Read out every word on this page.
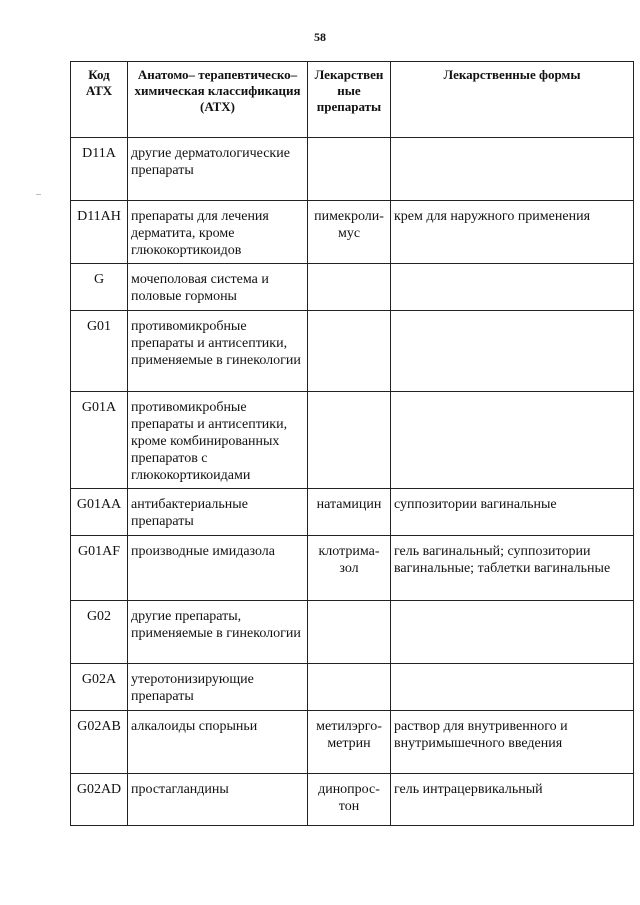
58
Код АТХ	Анатомо– терапевтическо– химическая классификация (АТХ)	Лекарствен ные препараты	Лекарственные формы
D11A	другие дерматологические препараты		
D11AH	препараты для лечения дерматита, кроме глюкокортикоидов	пимекроли- мус	крем для наружного применения
G	мочеполовая система и половые гормоны		
G01	противомикробные препараты и антисептики, применяемые в гинекологии		
G01A	противомикробные препараты и антисептики, кроме комбинированных препаратов с глюкокортикоидами		
G01AA	антибактериальные препараты	натамицин	суппозитории вагинальные
G01AF	производные имидазола	клотрима- зол	гель вагинальный; суппозитории вагинальные; таблетки вагинальные
G02	другие препараты, применяемые в гинекологии		
G02A	утеротонизирующие препараты		
G02AB	алкалоиды спорыньи	метилэрго- метрин	раствор для внутривенного и внутримышечного введения
G02AD	простагландины	динопрос- тон	гель интрацервикальный
